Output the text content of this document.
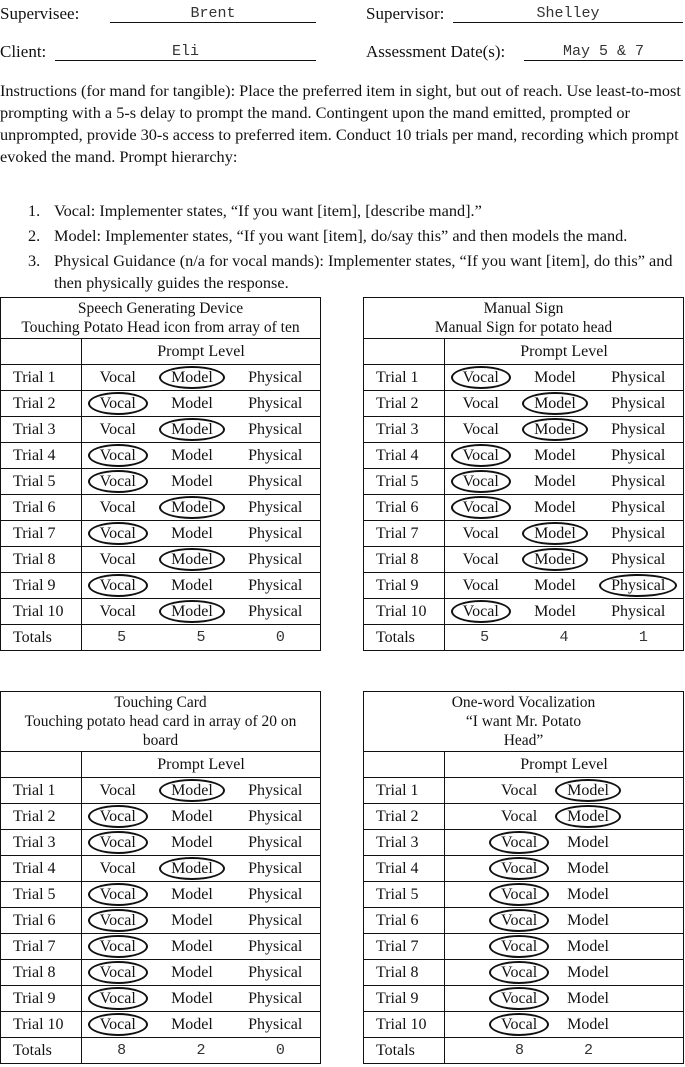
Supervisee:	Brent	Supervisor:	Shelley
Client:	Eli	Assessment Date(s):	May 5 & 7

Instructions (for mand for tangible): Place the preferred item in sight, but out of reach. Use least-to-most prompting with a 5-s delay to prompt the mand. Contingent upon the mand emitted, prompted or unprompted, provide 30-s access to preferred item. Conduct 10 trials per mand, recording which prompt evoked the mand. Prompt hierarchy:

1. Vocal: Implementer states, “If you want [item], [describe mand].”
2. Model: Implementer states, “If you want [item], do/say this” and then models the mand.
3. Physical Guidance (n/a for vocal mands): Implementer states, “If you want [item], do this” and then physically guides the response.
Speech Generating Device
Touching Potato Head icon from array of ten	

	Prompt Level
Trial 1	Vocal Model Physical

Trial 2	Vocal Model Physical

Trial 3	Vocal Model Physical

Trial 4	Vocal Model Physical

Trial 5	Vocal Model Physical

Trial 6	Vocal Model Physical

Trial 7	Vocal Model Physical

Trial 8	Vocal Model Physical

Trial 9	Vocal Model Physical

Trial 10	Vocal Model Physical

Totals	5 5 0
Manual Sign
Manual Sign for potato head	

	Prompt Level
Trial 1	Vocal Model Physical

Trial 2	Vocal Model Physical

Trial 3	Vocal Model Physical

Trial 4	Vocal Model Physical

Trial 5	Vocal Model Physical

Trial 6	Vocal Model Physical

Trial 7	Vocal Model Physical

Trial 8	Vocal Model Physical

Trial 9	Vocal Model Physical

Trial 10	Vocal Model Physical

Totals	5 4 1
Touching Card
Touching potato head card in array of 20 on board	

	Prompt Level
Trial 1	Vocal Model Physical

Trial 2	Vocal Model Physical

Trial 3	Vocal Model Physical

Trial 4	Vocal Model Physical

Trial 5	Vocal Model Physical

Trial 6	Vocal Model Physical

Trial 7	Vocal Model Physical

Trial 8	Vocal Model Physical

Trial 9	Vocal Model Physical

Trial 10	Vocal Model Physical

Totals	8 2 0
One-word Vocalization
“I want Mr. Potato Head”	

	Prompt Level
Trial 1	Vocal Model

Trial 2	Vocal Model

Trial 3	Vocal Model

Trial 4	Vocal Model

Trial 5	Vocal Model

Trial 6	Vocal Model

Trial 7	Vocal Model

Trial 8	Vocal Model

Trial 9	Vocal Model

Trial 10	Vocal Model

Totals	8 2
